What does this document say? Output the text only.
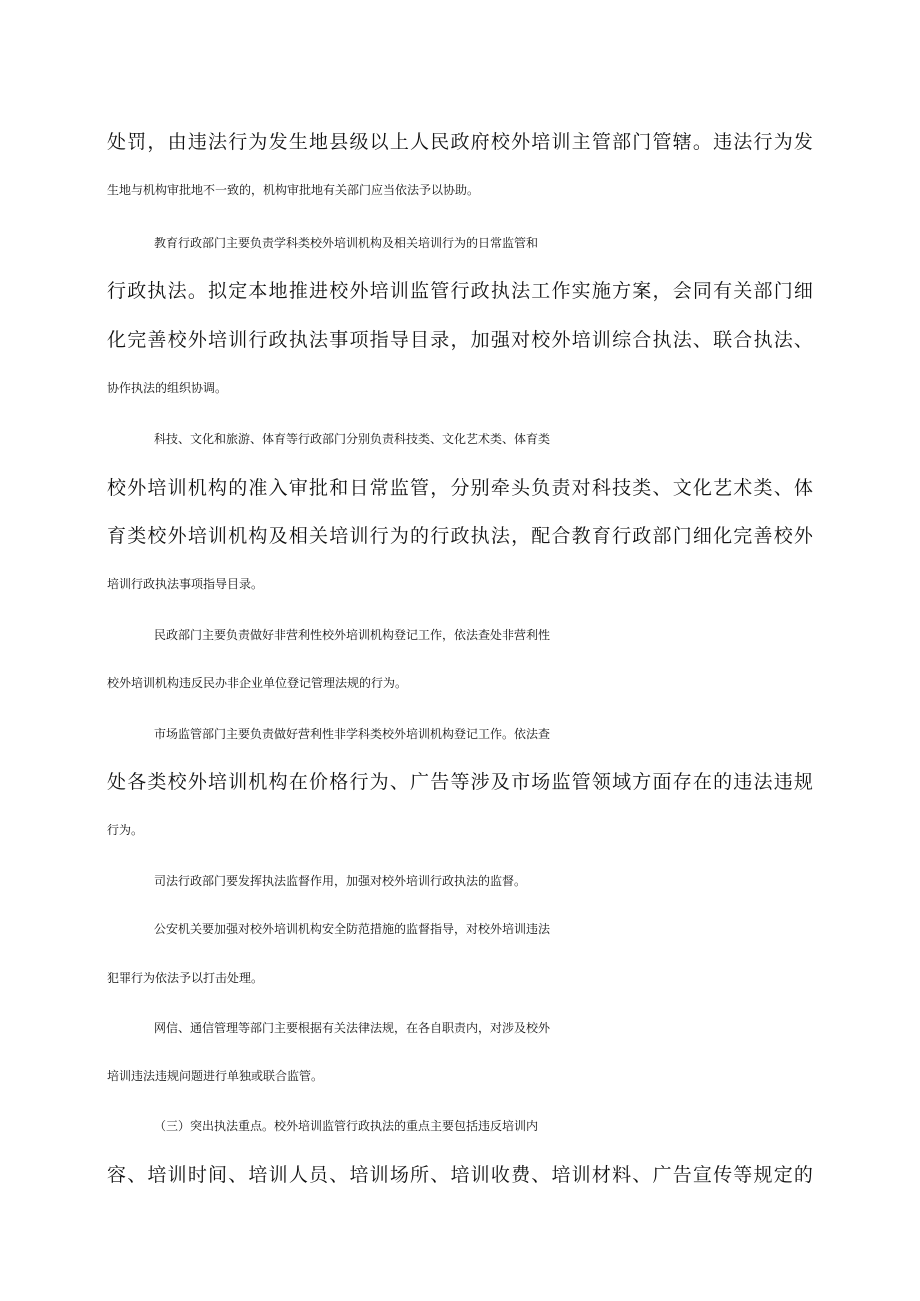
处 罚 ， 由 违 法 行 为 发 生 地 县 级 以 上 人 民 政 府 校 外 培 训 主 管 部 门 管 辖 。 违 法 行 为 发
生地与机构审批地不一致的，机构审批地有关部门应当依法予以协助。
教育行政部门主要负责学科类校外培训机构及相关培训行为的日常监管和
行 政 执 法 。 拟 定 本 地 推 进 校 外 培 训 监 管 行 政 执 法 工 作 实 施 方 案 ， 会 同 有 关 部 门 细
化 完 善 校 外 培 训 行 政 执 法 事 项 指 导 目 录 ， 加 强 对 校 外 培 训 综 合 执 法 、 联 合 执 法 、
协作执法的组织协调。
科技、文化和旅游、体育等行政部门分别负责科技类、文化艺术类、体育类
校 外 培 训 机 构 的 准 入 审 批 和 日 常 监 管 ， 分 别 牵 头 负 责 对 科 技 类 、 文 化 艺 术 类 、 体
育 类 校 外 培 训 机 构 及 相 关 培 训 行 为 的 行 政 执 法 ， 配 合 教 育 行 政 部 门 细 化 完 善 校 外
培训行政执法事项指导目录。
民政部门主要负责做好非营利性校外培训机构登记工作，依法查处非营利性
校外培训机构违反民办非企业单位登记管理法规的行为。
市场监管部门主要负责做好营利性非学科类校外培训机构登记工作。依法查
处 各 类 校 外 培 训 机 构 在 价 格 行 为 、 广 告 等 涉 及 市 场 监 管 领 域 方 面 存 在 的 违 法 违 规
行为。
司法行政部门要发挥执法监督作用，加强对校外培训行政执法的监督。
公安机关要加强对校外培训机构安全防范措施的监督指导，对校外培训违法
犯罪行为依法予以打击处理。
网信、通信管理等部门主要根据有关法律法规，在各自职责内，对涉及校外
培训违法违规问题进行单独或联合监管。
（三）突出执法重点。校外培训监管行政执法的重点主要包括违反培训内
容 、 培 训 时 间 、 培 训 人 员 、 培 训 场 所 、 培 训 收 费 、 培 训 材 料 、 广 告 宣 传 等 规 定 的
